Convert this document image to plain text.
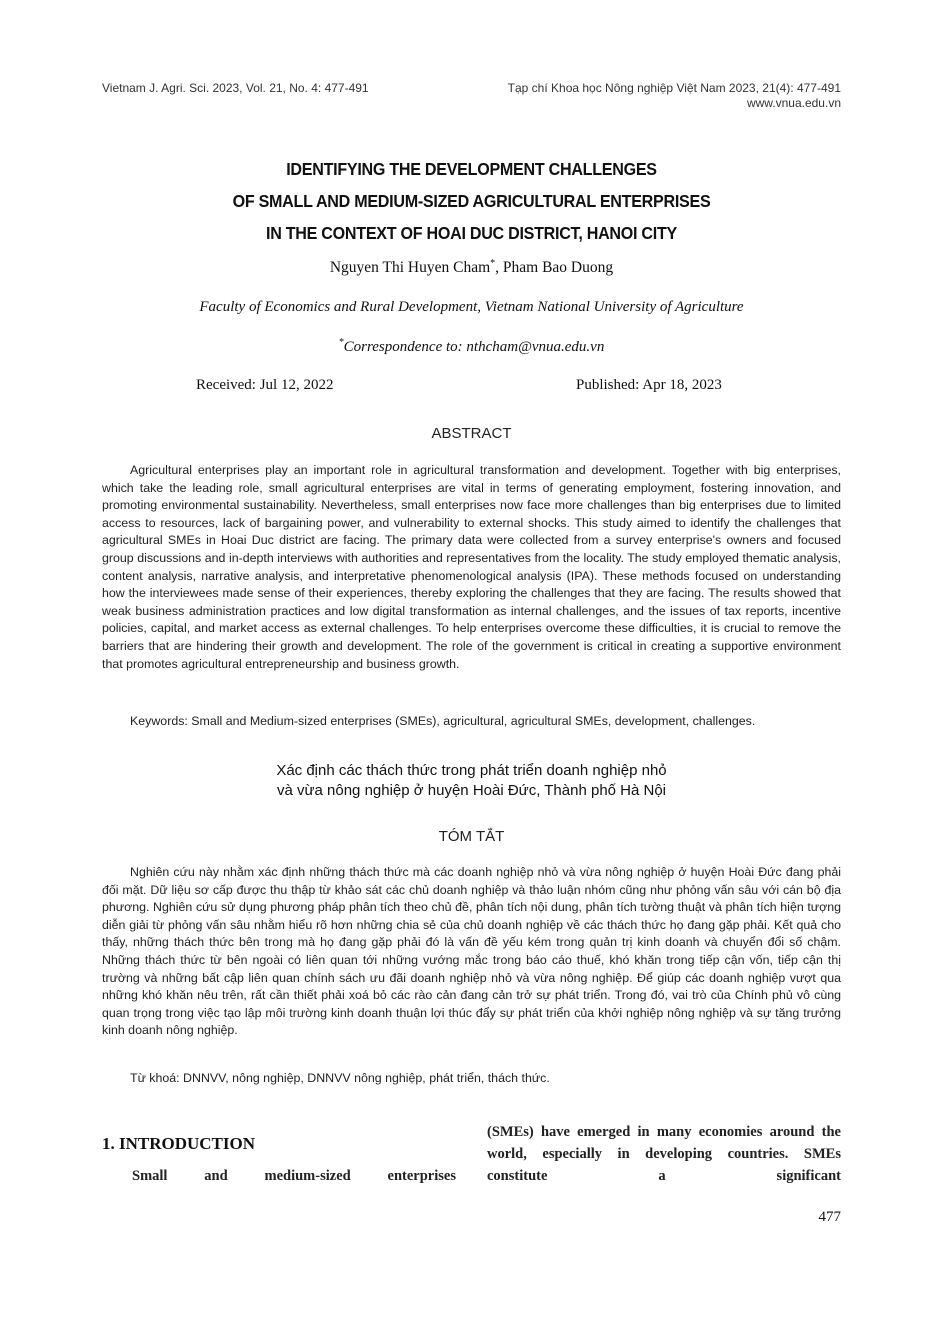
Vietnam J. Agri. Sci. 2023, Vol. 21, No. 4: 477-491	Tạp chí Khoa học Nông nghiệp Việt Nam 2023, 21(4): 477-491
www.vnua.edu.vn
IDENTIFYING THE DEVELOPMENT CHALLENGES
OF SMALL AND MEDIUM-SIZED AGRICULTURAL ENTERPRISES
IN THE CONTEXT OF HOAI DUC DISTRICT, HANOI CITY
Nguyen Thi Huyen Cham*, Pham Bao Duong
Faculty of Economics and Rural Development, Vietnam National University of Agriculture
*Correspondence to: nthcham@vnua.edu.vn
Received: Jul 12, 2022	Published: Apr 18, 2023
ABSTRACT

Agricultural enterprises play an important role in agricultural transformation and development. Together with big enterprises, which take the leading role, small agricultural enterprises are vital in terms of generating employment, fostering innovation, and promoting environmental sustainability. Nevertheless, small enterprises now face more challenges than big enterprises due to limited access to resources, lack of bargaining power, and vulnerability to external shocks. This study aimed to identify the challenges that agricultural SMEs in Hoai Duc district are facing. The primary data were collected from a survey enterprise's owners and focused group discussions and in-depth interviews with authorities and representatives from the locality. The study employed thematic analysis, content analysis, narrative analysis, and interpretative phenomenological analysis (IPA). These methods focused on understanding how the interviewees made sense of their experiences, thereby exploring the challenges that they are facing. The results showed that weak business administration practices and low digital transformation as internal challenges, and the issues of tax reports, incentive policies, capital, and market access as external challenges. To help enterprises overcome these difficulties, it is crucial to remove the barriers that are hindering their growth and development. The role of the government is critical in creating a supportive environment that promotes agricultural entrepreneurship and business growth.

Keywords: Small and Medium-sized enterprises (SMEs), agricultural, agricultural SMEs, development, challenges.
Xác định các thách thức trong phát triển doanh nghiệp nhỏ
và vừa nông nghiệp ở huyện Hoài Đức, Thành phố Hà Nội
TÓM TẮT

Nghiên cứu này nhằm xác định những thách thức mà các doanh nghiệp nhỏ và vừa nông nghiệp ở huyện Hoài Đức đang phải đối mặt. Dữ liệu sơ cấp được thu thập từ khảo sát các chủ doanh nghiệp và thảo luận nhóm cũng như phỏng vấn sâu với cán bộ địa phương. Nghiên cứu sử dụng phương pháp phân tích theo chủ đề, phân tích nội dung, phân tích tường thuật và phân tích hiện tượng diễn giải từ phỏng vấn sâu nhằm hiểu rõ hơn những chia sẻ của chủ doanh nghiệp về các thách thức họ đang gặp phải. Kết quả cho thấy, những thách thức bên trong mà họ đang gặp phải đó là vấn đề yếu kém trong quản trị kinh doanh và chuyển đổi số chậm. Những thách thức từ bên ngoài có liên quan tới những vướng mắc trong báo cáo thuế, khó khăn trong tiếp cận vốn, tiếp cận thị trường và những bất cập liên quan chính sách ưu đãi doanh nghiệp nhỏ và vừa nông nghiệp. Để giúp các doanh nghiệp vượt qua những khó khăn nêu trên, rất cần thiết phải xoá bỏ các rào cản đang cản trở sự phát triển. Trong đó, vai trò của Chính phủ vô cùng quan trọng trong việc tạo lập môi trường kinh doanh thuận lợi thúc đẩy sự phát triển của khởi nghiệp nông nghiệp và sự tăng trưởng kinh doanh nông nghiệp.

Từ khoá: DNNVV, nông nghiệp, DNNVV nông nghiệp, phát triển, thách thức.
1. INTRODUCTION
Small and medium-sized enterprises
(SMEs) have emerged in many economies around the world, especially in developing countries. SMEs constitute a significant
477
